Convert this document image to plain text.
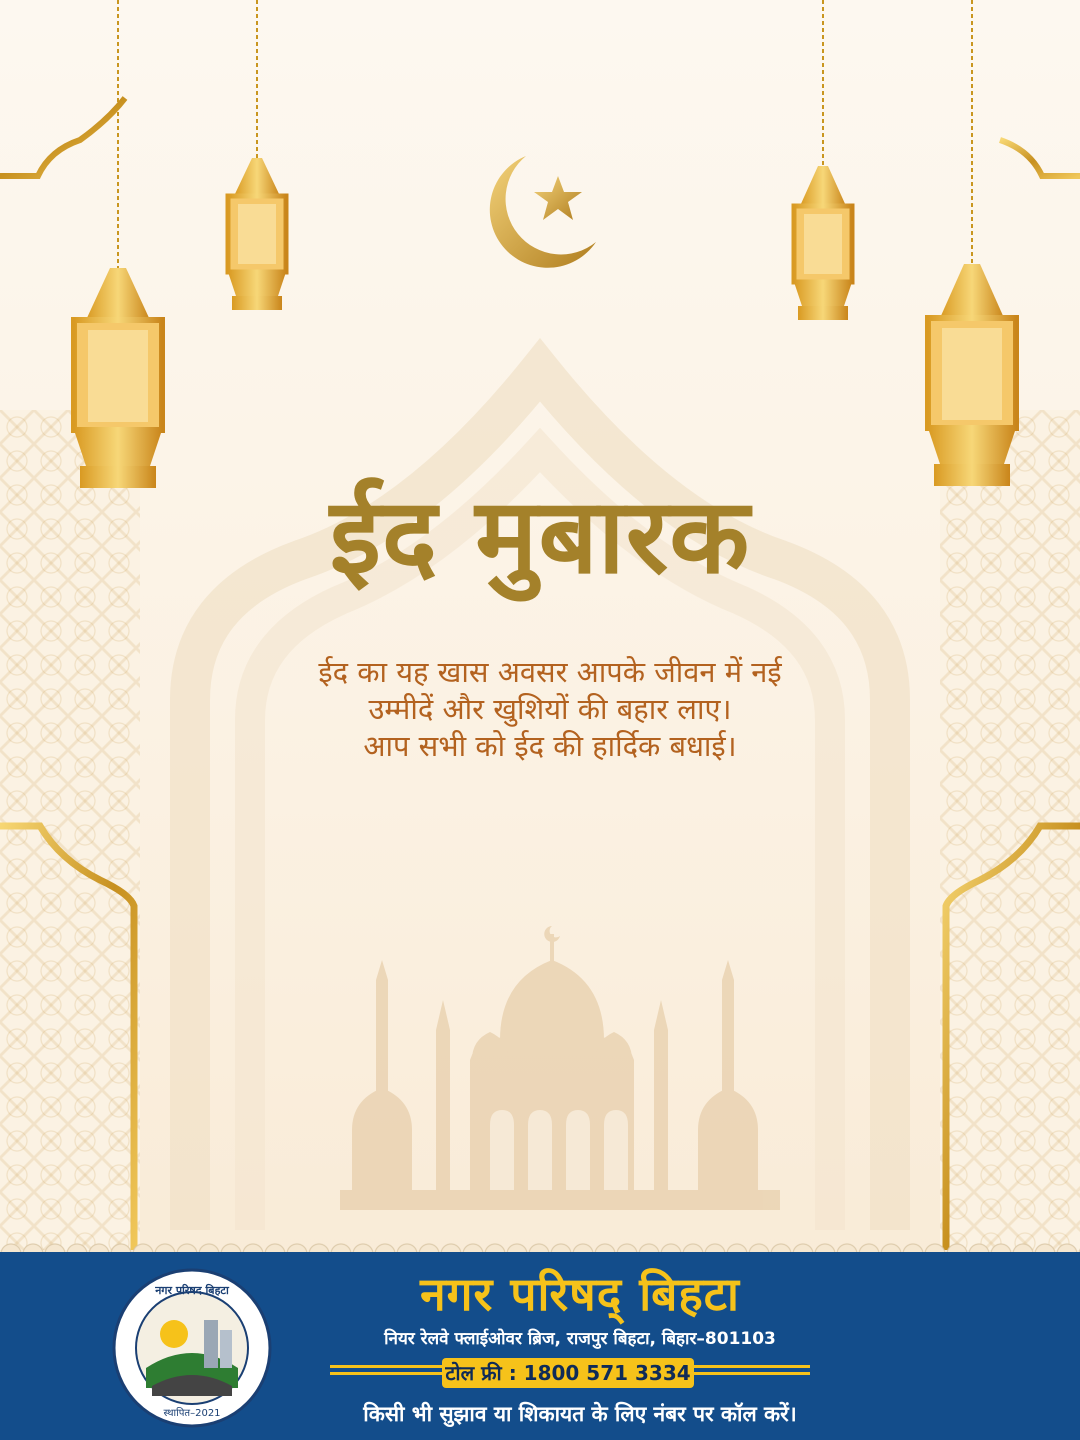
ईद मुबारक
ईद का यह खास अवसर आपके जीवन में नई
उम्मीदें और खुशियों की बहार लाए।
आप सभी को ईद की हार्दिक बधाई।
नगर परिषद बिहटा
स्थापित–2021
नगर परिषद् बिहटा
नियर रेलवे फ्लाईओवर ब्रिज, राजपुर बिहटा, बिहार–801103
टोल फ्री : 1800 571 3334
किसी भी सुझाव या शिकायत के लिए नंबर पर कॉल करें।
